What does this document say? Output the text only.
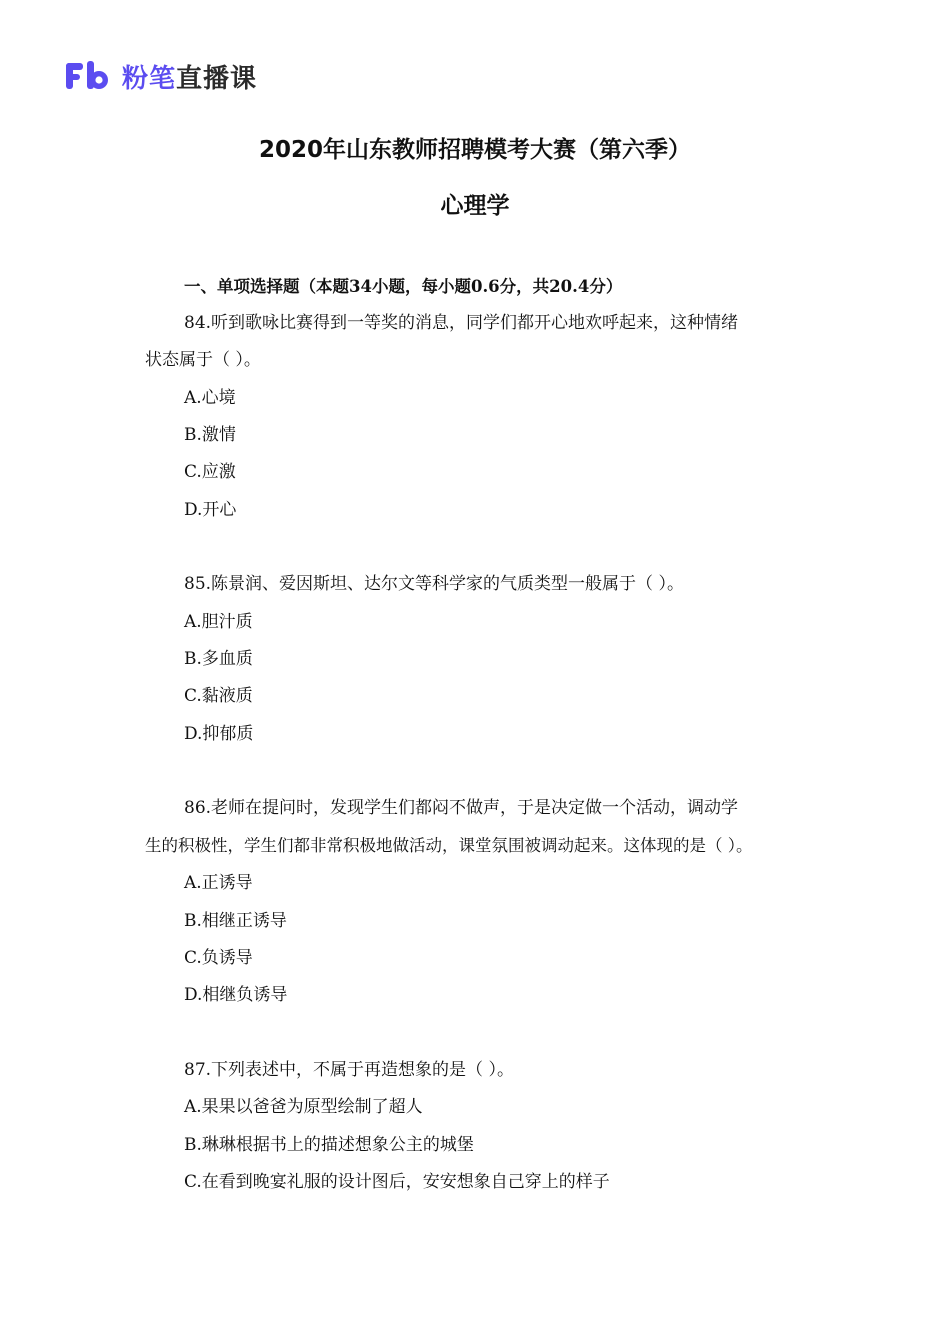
粉笔 直播课
2020年山东教师招聘模考大赛（第六季）
心理学
一、单项选择题（本题34小题，每小题0.6分，共20.4分）
84.听到歌咏比赛得到一等奖的消息，同学们都开心地欢呼起来，这种情绪
状态属于（ ）。
A.心境
B.激情
C.应激
D.开心
85.陈景润、爱因斯坦、达尔文等科学家的气质类型一般属于（ ）。
A.胆汁质
B.多血质
C.黏液质
D.抑郁质
86.老师在提问时，发现学生们都闷不做声，于是决定做一个活动，调动学
生的积极性，学生们都非常积极地做活动，课堂氛围被调动起来。这体现的是（ ）。
A.正诱导
B.相继正诱导
C.负诱导
D.相继负诱导
87.下列表述中，不属于再造想象的是（ ）。
A.果果以爸爸为原型绘制了超人
B.琳琳根据书上的描述想象公主的城堡
C.在看到晚宴礼服的设计图后，安安想象自己穿上的样子
